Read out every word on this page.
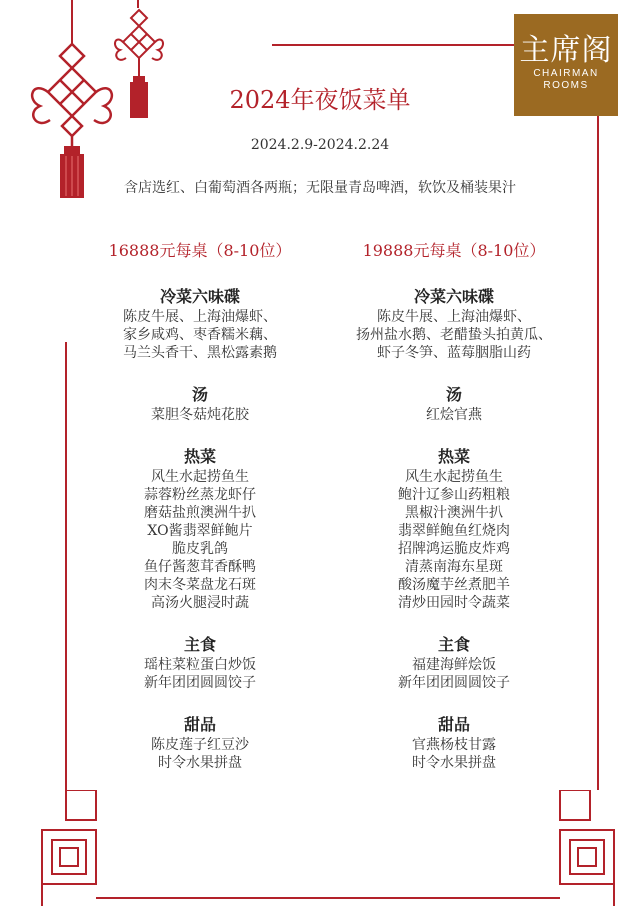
主席阁
CHAIRMAN
ROOMS
2024年夜饭菜单
2024.2.9-2024.2.24
含店选红、白葡萄酒各两瓶；无限量青岛啤酒，软饮及桶装果汁
16888元每桌（8-10位）
冷菜六味碟
陈皮牛展、上海油爆虾、
家乡咸鸡、枣香糯米藕、
马兰头香干、黑松露素鹅
汤
菜胆冬菇炖花胶
热菜
风生水起捞鱼生
蒜蓉粉丝蒸龙虾仔
磨菇盐煎澳洲牛扒
XO酱翡翠鲜鲍片
脆皮乳鸽
鱼仔酱葱茸香酥鸭
肉末冬菜盘龙石斑
高汤火腿浸时蔬
主食
瑶柱菜粒蛋白炒饭
新年团团圆圆饺子
甜品
陈皮莲子红豆沙
时令水果拼盘
19888元每桌（8-10位）
冷菜六味碟
陈皮牛展、上海油爆虾、
扬州盐水鹅、老醋蛰头拍黄瓜、
虾子冬笋、蓝莓胭脂山药
汤
红烩官燕
热菜
风生水起捞鱼生
鲍汁辽参山药粗粮
黑椒汁澳洲牛扒
翡翠鲜鲍鱼红烧肉
招牌鸿运脆皮炸鸡
清蒸南海东星斑
酸汤魔芋丝煮肥羊
清炒田园时令蔬菜
主食
福建海鲜烩饭
新年团团圆圆饺子
甜品
官燕杨枝甘露
时令水果拼盘
